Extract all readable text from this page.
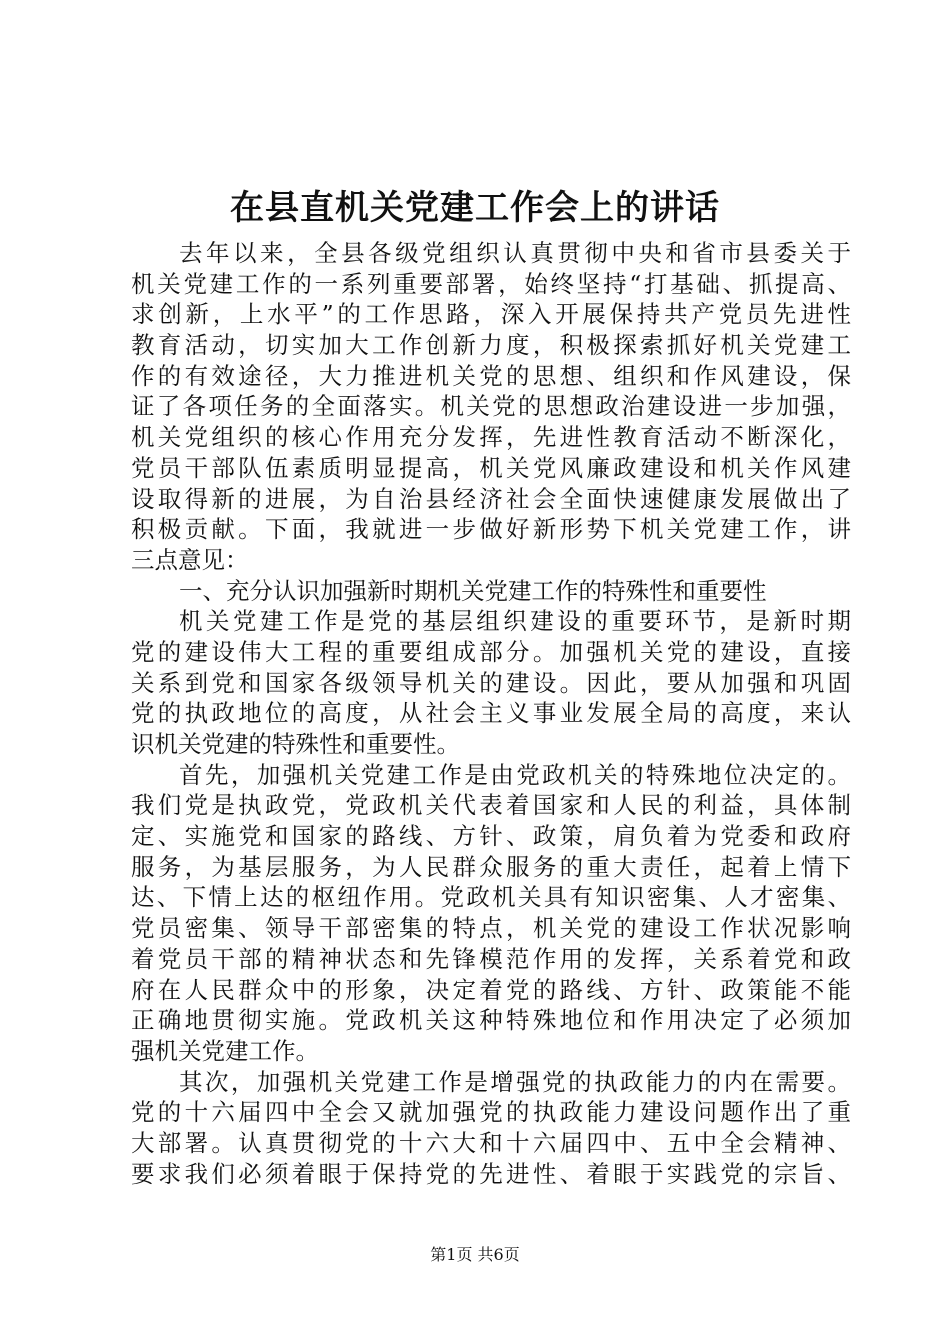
在县直机关党建工作会上的讲话
去年以来，全县各级党组织认真贯彻中央和省市县委关于
机关党建工作的一系列重要部署，始终坚持“打基础、抓提高、
求创新，上水平”的工作思路，深入开展保持共产党员先进性
教育活动，切实加大工作创新力度，积极探索抓好机关党建工
作的有效途径，大力推进机关党的思想、组织和作风建设，保
证了各项任务的全面落实。机关党的思想政治建设进一步加强，
机关党组织的核心作用充分发挥，先进性教育活动不断深化，
党员干部队伍素质明显提高，机关党风廉政建设和机关作风建
设取得新的进展，为自治县经济社会全面快速健康发展做出了
积极贡献。下面，我就进一步做好新形势下机关党建工作，讲
三点意见：
一、充分认识加强新时期机关党建工作的特殊性和重要性
机关党建工作是党的基层组织建设的重要环节，是新时期
党的建设伟大工程的重要组成部分。加强机关党的建设，直接
关系到党和国家各级领导机关的建设。因此，要从加强和巩固
党的执政地位的高度，从社会主义事业发展全局的高度，来认
识机关党建的特殊性和重要性。
首先，加强机关党建工作是由党政机关的特殊地位决定的。
我们党是执政党，党政机关代表着国家和人民的利益，具体制
定、实施党和国家的路线、方针、政策，肩负着为党委和政府
服务，为基层服务，为人民群众服务的重大责任，起着上情下
达、下情上达的枢纽作用。党政机关具有知识密集、人才密集、
党员密集、领导干部密集的特点，机关党的建设工作状况影响
着党员干部的精神状态和先锋模范作用的发挥，关系着党和政
府在人民群众中的形象，决定着党的路线、方针、政策能不能
正确地贯彻实施。党政机关这种特殊地位和作用决定了必须加
强机关党建工作。
其次，加强机关党建工作是增强党的执政能力的内在需要。
党的十六届四中全会又就加强党的执政能力建设问题作出了重
大部署。认真贯彻党的十六大和十六届四中、五中全会精神、
要求我们必须着眼于保持党的先进性、着眼于实践党的宗旨、
第1页 共6页
